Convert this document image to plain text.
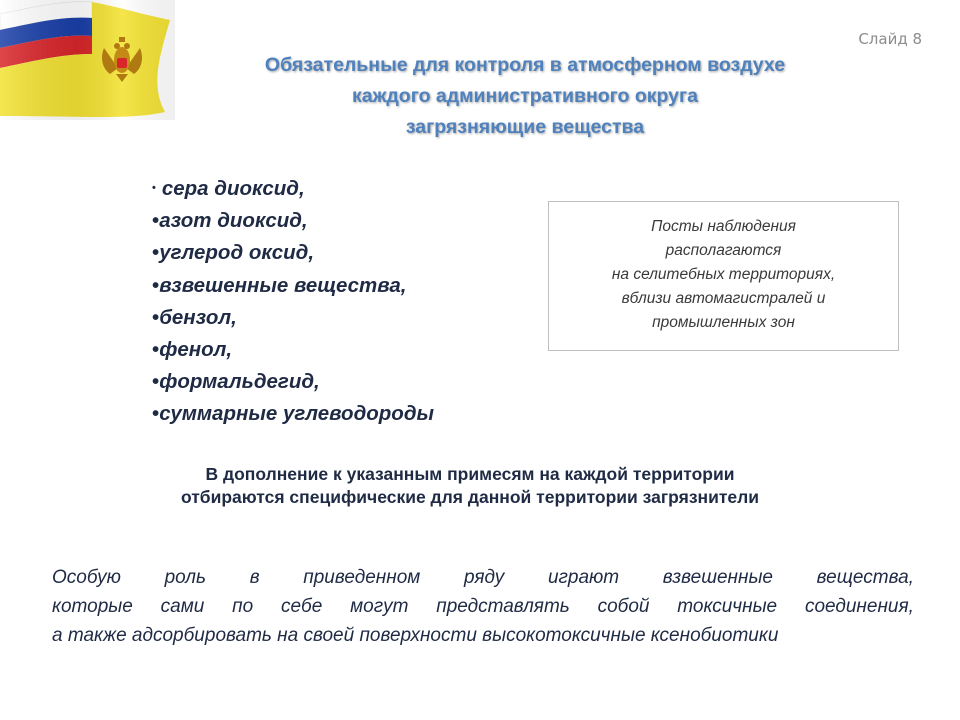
Слайд 8
Обязательные для контроля в атмосферном воздухе
каждого административного округа
загрязняющие вещества
• сера диоксид,
•азот диоксид,
•углерод оксид,
•взвешенные вещества,
•бензол,
•фенол,
•формальдегид,
•суммарные углеводороды
Посты наблюдения
располагаются
на селитебных территориях,
вблизи автомагистралей и
промышленных зон
В дополнение к указанным примесям на каждой территории
отбираются специфические для данной территории загрязнители
Особую роль в приведенном ряду играют взвешенные вещества,
которые сами по себе могут представлять собой токсичные соединения,
а также адсорбировать на своей поверхности высокотоксичные ксенобиотики
